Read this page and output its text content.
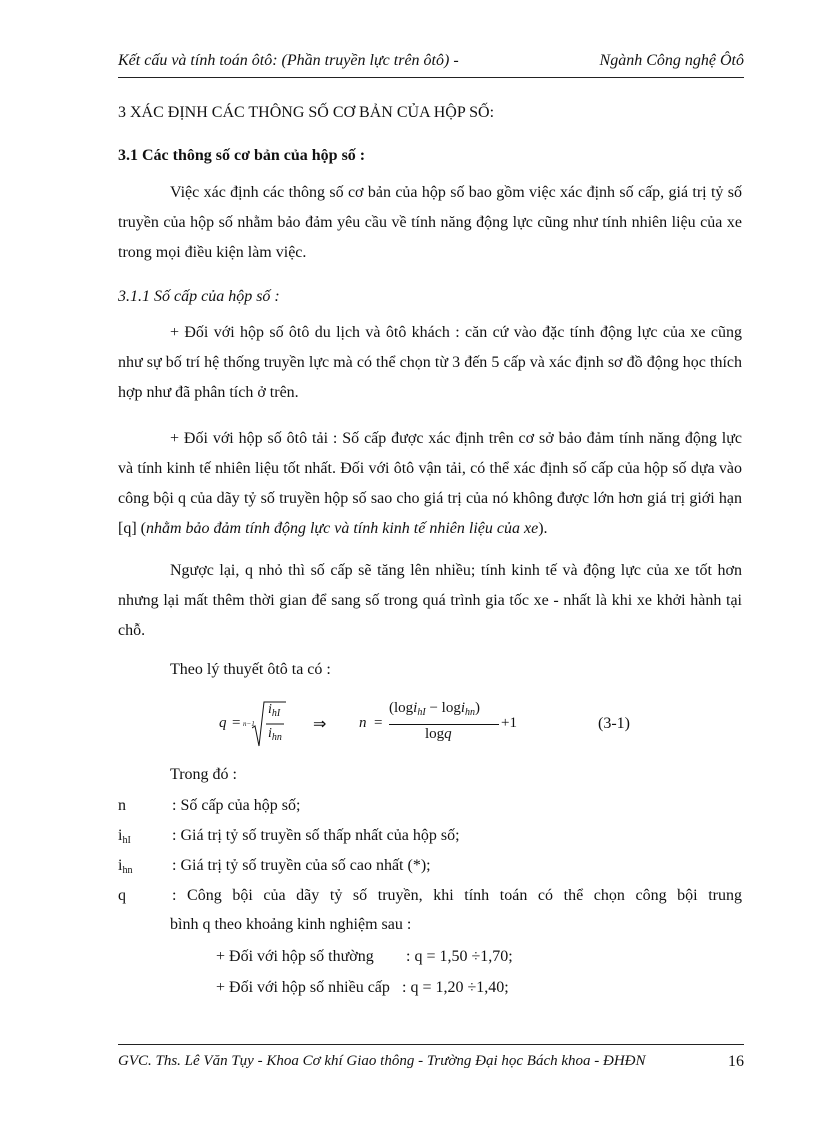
Kết cấu và tính toán ôtô: (Phần truyền lực trên ôtô) -	Ngành Công nghệ Ôtô
3 XÁC ĐỊNH CÁC THÔNG SỐ CƠ BẢN CỦA HỘP SỐ:
3.1 Các thông số cơ bản của hộp số :
Việc xác định các thông số cơ bản của hộp số bao gồm việc xác định số cấp, giá trị tỷ số truyền của hộp số nhằm bảo đảm yêu cầu về tính năng động lực cũng như tính nhiên liệu của xe trong mọi điều kiện làm việc.
3.1.1 Số cấp của hộp số :
+ Đối với hộp số ôtô du lịch và ôtô khách : căn cứ vào đặc tính động lực của xe cũng như sự bố trí hệ thống truyền lực mà có thể chọn từ 3 đến 5 cấp và xác định sơ đồ động học thích hợp như đã phân tích ở trên.
+ Đối với hộp số ôtô tải : Số cấp được xác định trên cơ sở bảo đảm tính năng động lực và tính kinh tế nhiên liệu tốt nhất. Đối với ôtô vận tải, có thể xác định số cấp của hộp số dựa vào công bội q của dãy tỷ số truyền hộp số sao cho giá trị của nó không được lớn hơn giá trị giới hạn [q] (nhằm bảo đảm tính động lực và tính kinh tế nhiên liệu của xe).
Ngược lại, q nhỏ thì số cấp sẽ tăng lên nhiều; tính kinh tế và động lực của xe tốt hơn nhưng lại mất thêm thời gian để sang số trong quá trình gia tốc xe - nhất là khi xe khởi hành tại chỗ.
Theo lý thuyết ôtô ta có :
q = n−1
$i_{hI}$
$i_{hn}$
⇒ n =
(logi$_{hI}$ − logi$_{hn}$)
logq
+1	(3-1)
Trong đó :
n	: Số cấp của hộp số;
$i_{hI}$	: Giá trị tỷ số truyền số thấp nhất của hộp số;
$i_{hn}$ : Giá trị tỷ số truyền của số cao nhất (*);
q	: Công bội của dãy tỷ số truyền, khi tính toán có thể chọn công bội trung
bình q theo khoảng kinh nghiệm sau :
+ Đối với hộp số thường : q = 1,50 ÷1,70;
+ Đối với hộp số nhiều cấp : q = 1,20 ÷1,40;
GVC. Ths. Lê Văn Tụy - Khoa Cơ khí Giao thông - Trường Đại học Bách khoa - ĐHĐN	16
